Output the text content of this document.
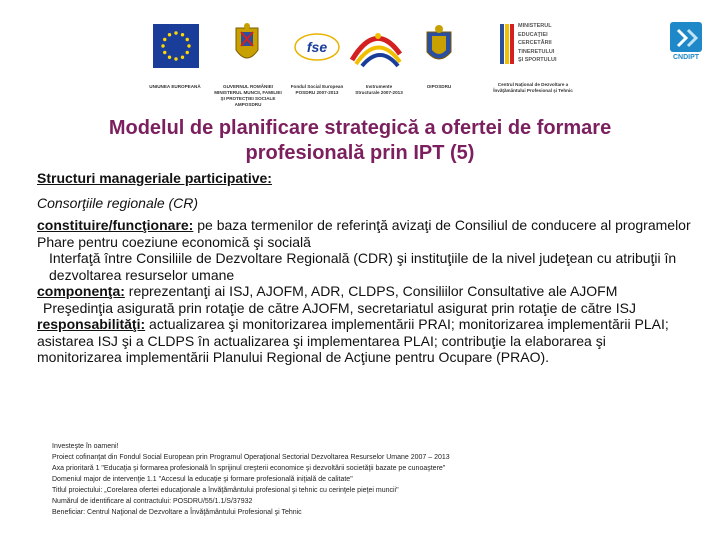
UNIUNEA EUROPEANĂ	GUVERNUL ROMÂNIEI MINISTERUL MUNCII, FAMILIEI ŞI PROTECŢIEI SOCIALE AMPOSDRU
fse
Fondul Social European POSDRU 2007-2013
Instrumente Structurale 2007-2013
OIPOSDRU
MINISTERUL
EDUCAŢIEI
CERCETĂRII
TINERETULUI
ŞI SPORTULUI	CNDIPT
Centrul Naţional de Dezvoltare a Învăţământului Profesional şi Tehnic
Modelul de planificare strategică a ofertei de formare
profesională prin IPT (5)

Structuri manageriale participative:

Consorţiile regionale (CR)

constituire/funcţionare: pe baza termenilor de referinţă avizaţi de Consiliul de conducere al programelor Phare pentru coeziune economică şi socială

Interfaţă între Consiliile de Dezvoltare Regională (CDR) şi instituţiile de la nivel judeţean cu atribuţii în dezvoltarea resurselor umane

componenţa: reprezentanţi ai ISJ, AJOFM, ADR, CLDPS, Consiliilor Consultative ale AJOFM

Preşedinţia asigurată prin rotaţie de către AJOFM, secretariatul asigurat prin rotaţie de către ISJ

responsabilităţi: actualizarea şi monitorizarea implementării PRAI; monitorizarea implementării PLAI; asistarea ISJ şi a CLDPS în actualizarea şi implementarea PLAI; contribuţie la elaborarea şi monitorizarea implementării Planului Regional de Acţiune pentru Ocupare (PRAO).

Investeşte în oameni!
Proiect cofinanţat din Fondul Social European prin Programul Operaţional Sectorial Dezvoltarea Resurselor Umane 2007 – 2013
Axa prioritară 1 "Educaţia şi formarea profesională în sprijinul creşterii economice şi dezvoltării societăţii bazate pe cunoaştere"
Domeniul major de intervenţie 1.1 "Accesul la educaţie şi formare profesională iniţială de calitate"
Titlul proiectului: „Corelarea ofertei educaţionale a învăţământului profesional şi tehnic cu cerinţele pieţei muncii"
Numărul de identificare al contractului: POSDRU/55/1.1/S/37932
Beneficiar: Centrul Naţional de Dezvoltare a Învăţământului Profesional şi Tehnic
